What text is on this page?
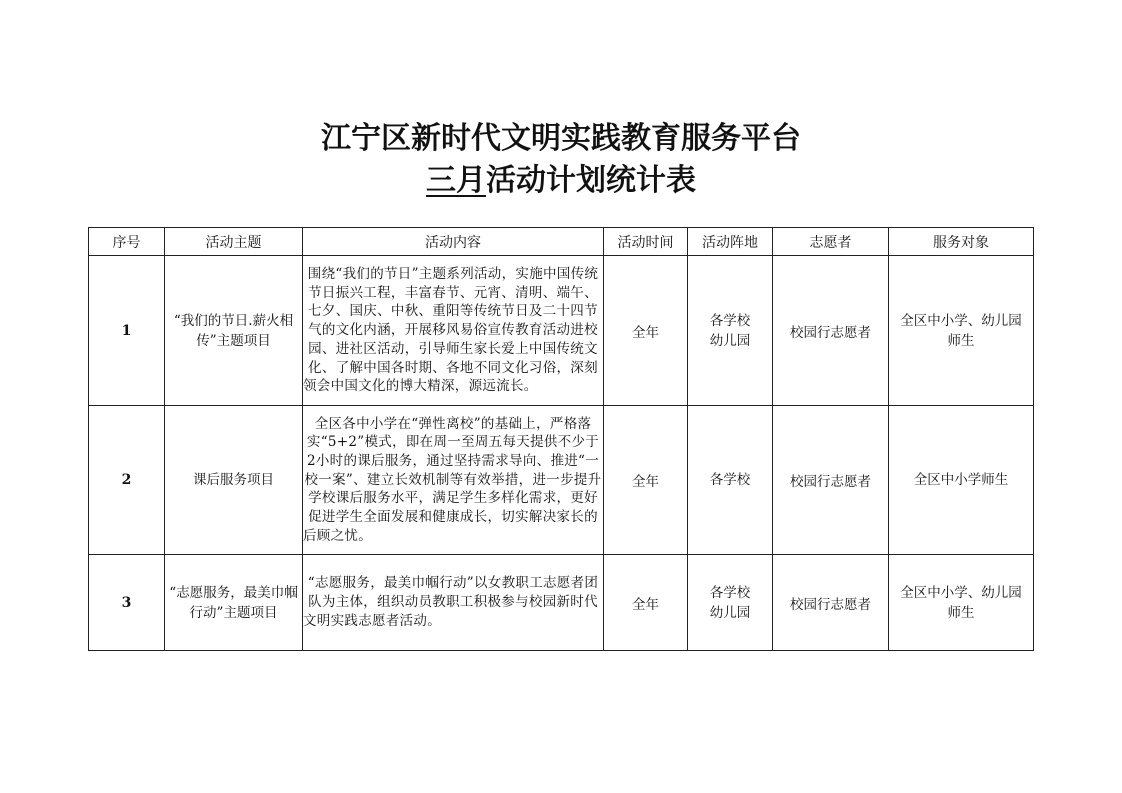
江宁区新时代文明实践教育服务平台
三月活动计划统计表
序号	活动主题	活动内容	活动时间	活动阵地	志愿者	服务对象
1	“我们的节日.薪火相传”主题项目	围绕“我们的节日”主题系列活动，实施中国传统节日振兴工程，丰富春节、元宵、清明、端午、七夕、国庆、中秋、重阳等传统节日及二十四节气的文化内涵，开展移风易俗宣传教育活动进校园、进社区活动，引导师生家长爱上中国传统文化、了解中国各时期、各地不同文化习俗，深刻领会中国文化的博大精深，源远流长。	全年	各学校幼儿园	校园行志愿者	全区中小学、幼儿园师生
2	课后服务项目	全区各中小学在“弹性离校”的基础上，严格落实“5+2”模式，即在周一至周五每天提供不少于2小时的课后服务，通过坚持需求导向、推进“一校一案”、建立长效机制等有效举措，进一步提升学校课后服务水平，满足学生多样化需求，更好促进学生全面发展和健康成长，切实解决家长的后顾之忧。	全年	各学校	校园行志愿者	全区中小学师生
3	“志愿服务，最美巾帼行动”主题项目	“志愿服务，最美巾帼行动”以女教职工志愿者团队为主体，组织动员教职工积极参与校园新时代文明实践志愿者活动。	全年	各学校幼儿园	校园行志愿者	全区中小学、幼儿园师生
